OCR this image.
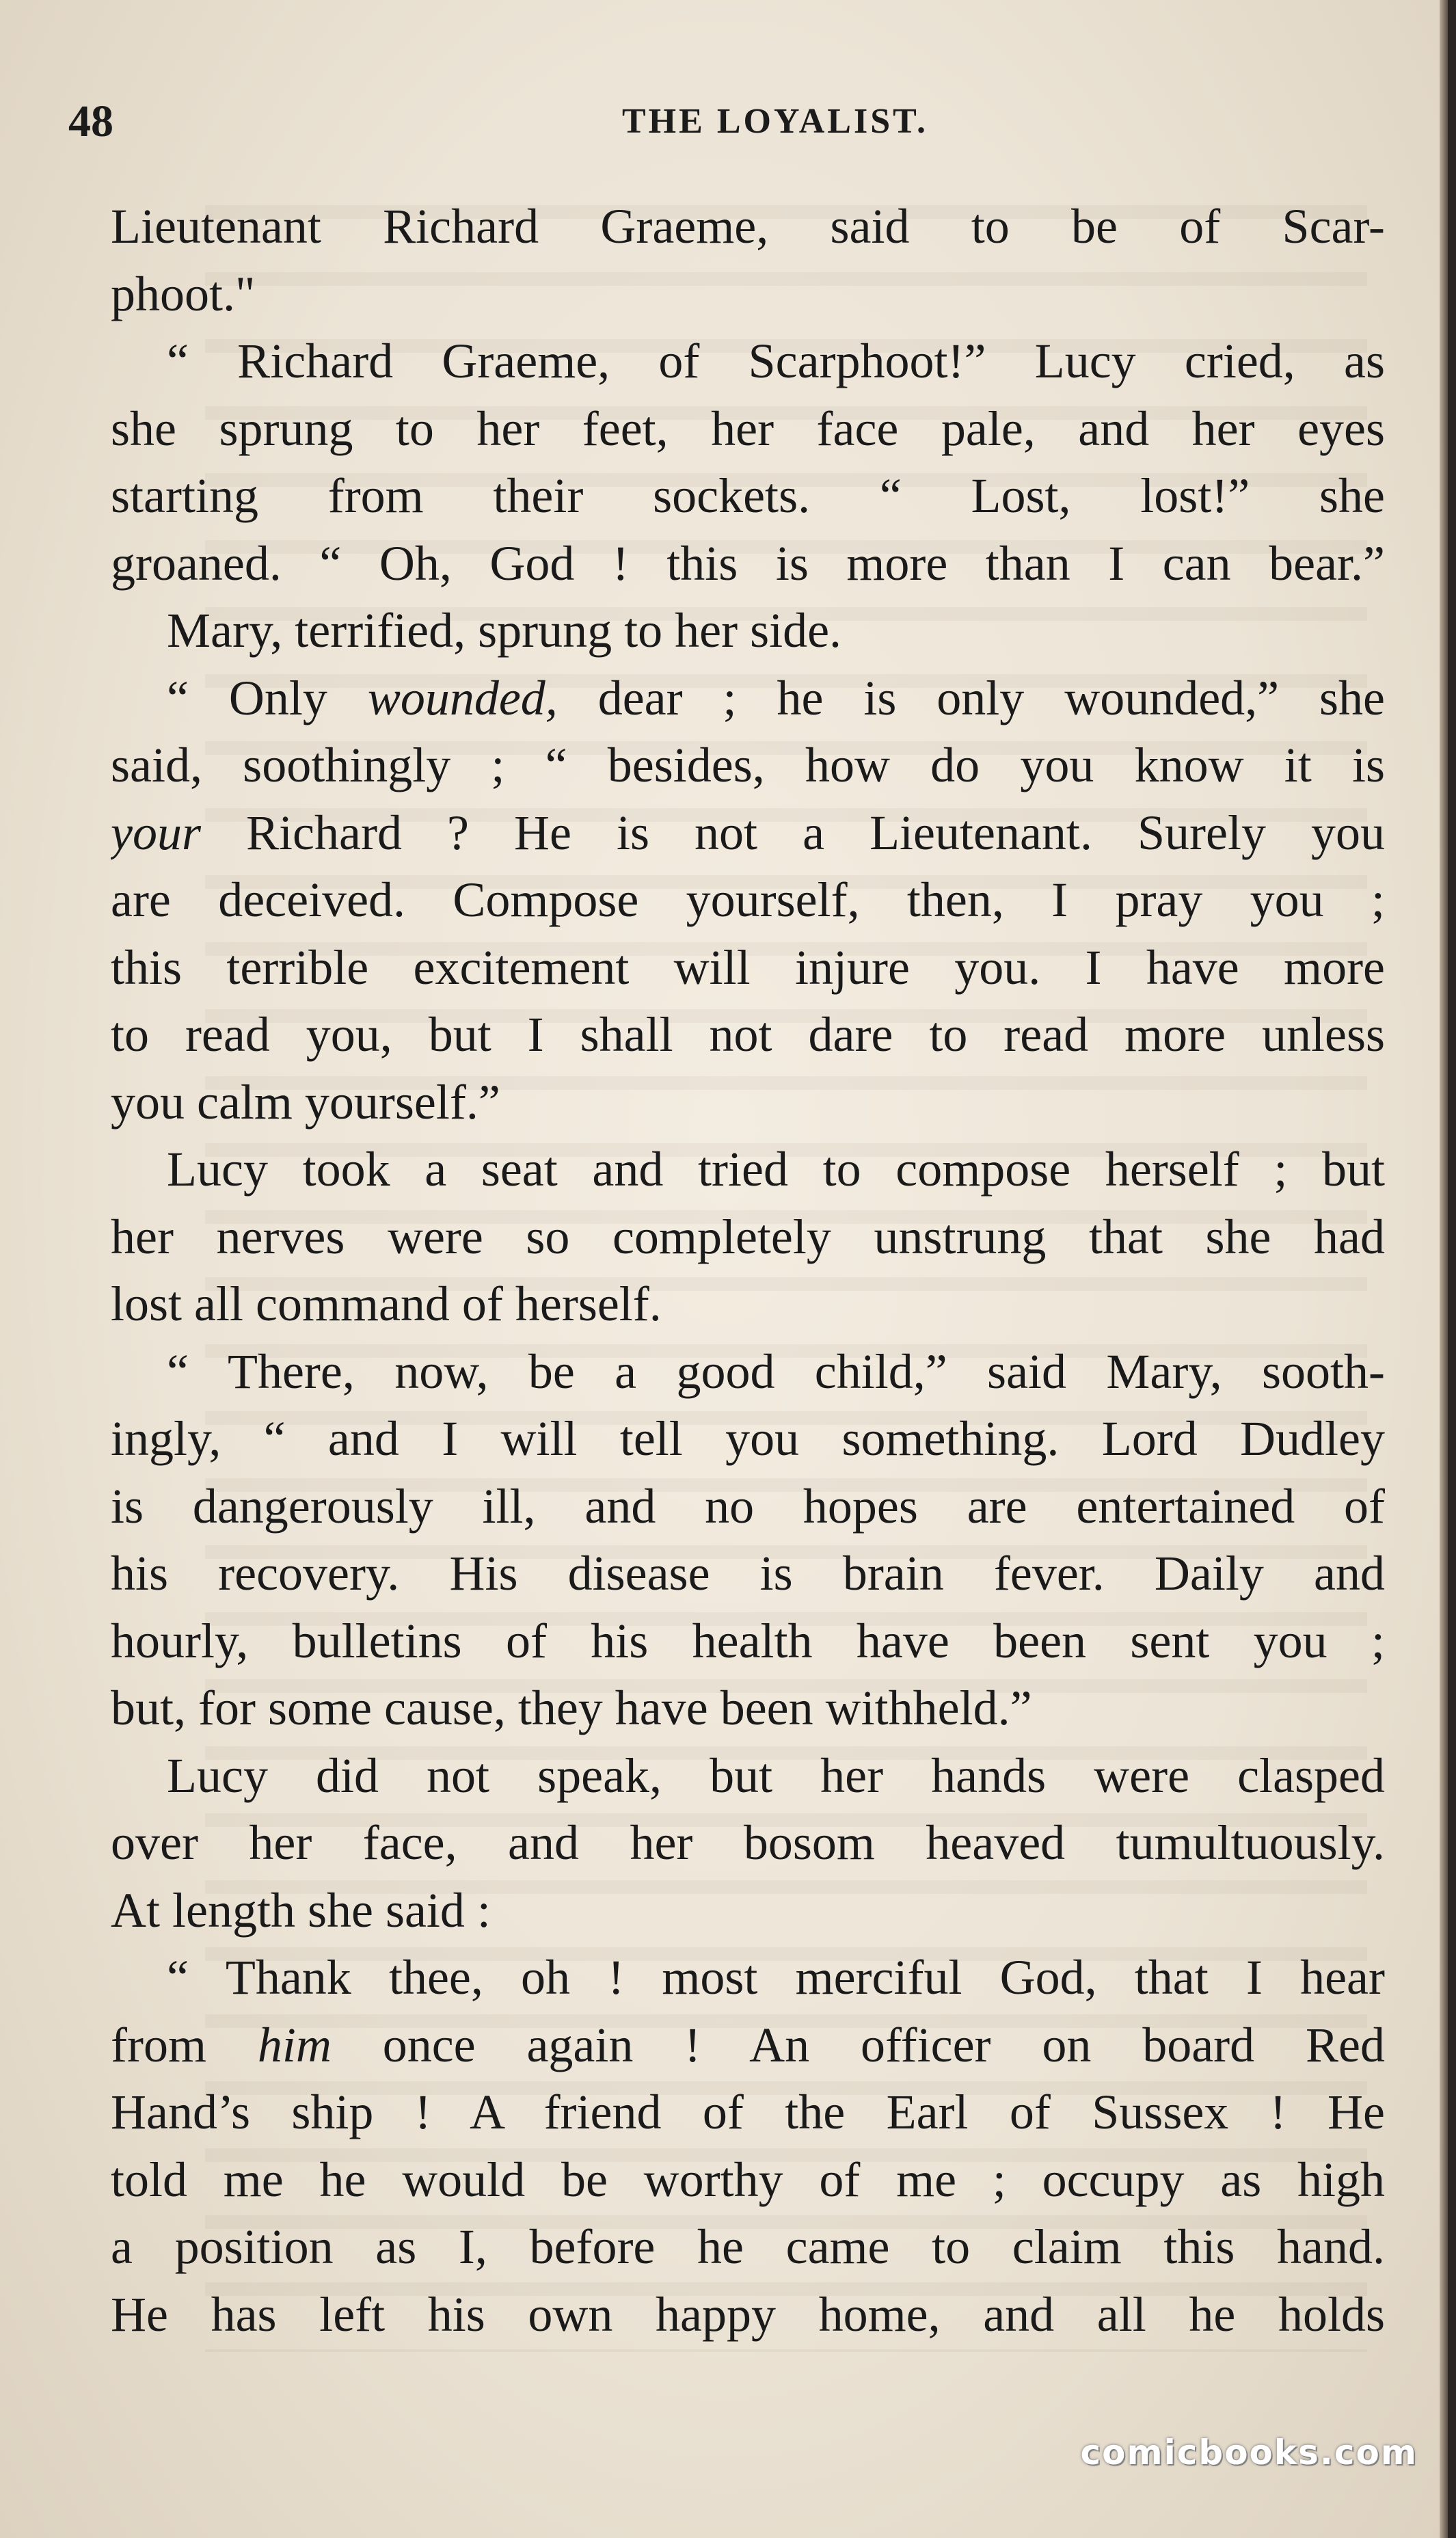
48	THE LOYALIST.
Lieutenant Richard Graeme, said to be of Scar-
phoot."
“ Richard Graeme, of Scarphoot!” Lucy cried, as
she sprung to her feet, her face pale, and her eyes
starting from their sockets. “ Lost, lost!” she
groaned. “ Oh, God ! this is more than I can bear.”
Mary, terrified, sprung to her side.
“ Only wounded, dear ; he is only wounded,” she
said, soothingly ; “ besides, how do you know it is
your Richard ? He is not a Lieutenant. Surely you
are deceived. Compose yourself, then, I pray you ;
this terrible excitement will injure you. I have more
to read you, but I shall not dare to read more unless
you calm yourself.”
Lucy took a seat and tried to compose herself ; but
her nerves were so completely unstrung that she had
lost all command of herself.
“ There, now, be a good child,” said Mary, sooth-
ingly, “ and I will tell you something. Lord Dudley
is dangerously ill, and no hopes are entertained of
his recovery. His disease is brain fever. Daily and
hourly, bulletins of his health have been sent you ;
but, for some cause, they have been withheld.”
Lucy did not speak, but her hands were clasped
over her face, and her bosom heaved tumultuously.
At length she said :
“ Thank thee, oh ! most merciful God, that I hear
from him once again ! An officer on board Red
Hand’s ship ! A friend of the Earl of Sussex ! He
told me he would be worthy of me ; occupy as high
a position as I, before he came to claim this hand.
He has left his own happy home, and all he holds
comicbooks.com
